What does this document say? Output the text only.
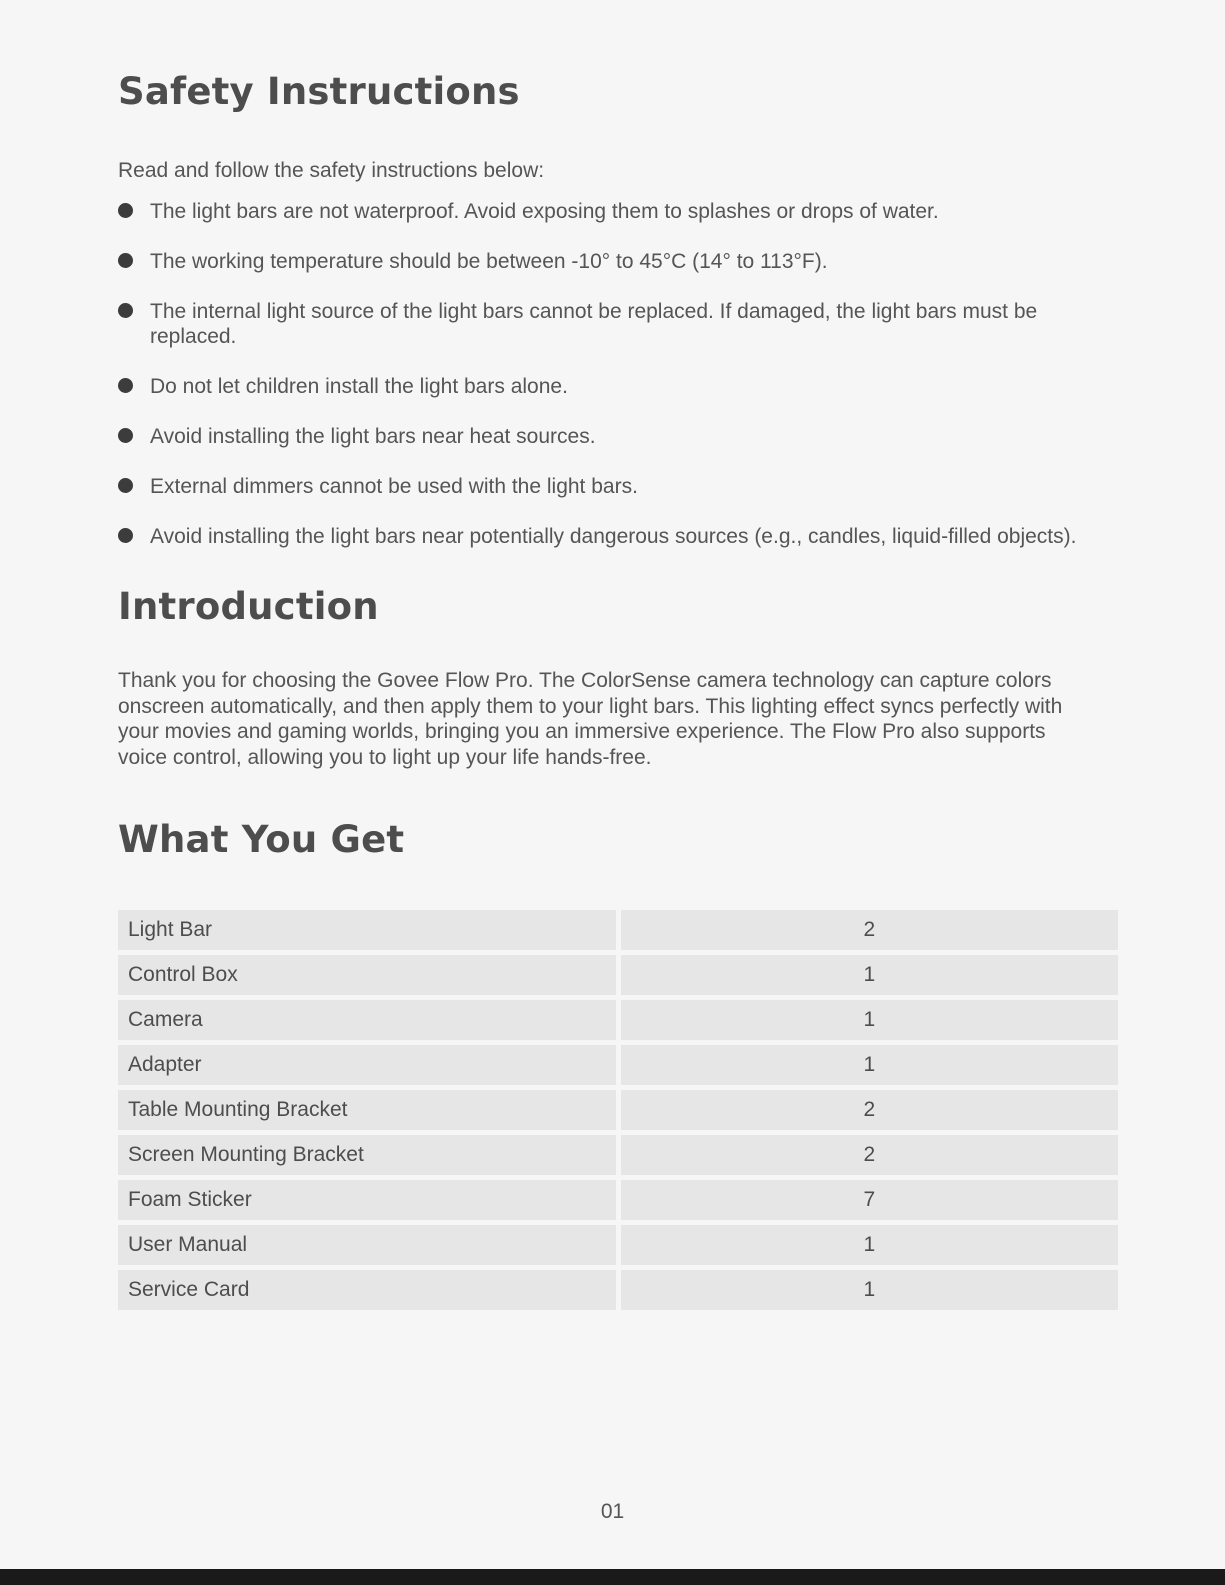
Safety Instructions

Read and follow the safety instructions below:

The light bars are not waterproof. Avoid exposing them to splashes or drops of water.
The working temperature should be between -10° to 45°C (14° to 113°F).
The internal light source of the light bars cannot be replaced. If damaged, the light bars must be replaced.
Do not let children install the light bars alone.
Avoid installing the light bars near heat sources.
External dimmers cannot be used with the light bars.
Avoid installing the light bars near potentially dangerous sources (e.g., candles, liquid-filled objects).
Introduction

Thank you for choosing the Govee Flow Pro. The ColorSense camera technology can capture colors onscreen automatically, and then apply them to your light bars. This lighting effect syncs perfectly with your movies and gaming worlds, bringing you an immersive experience. The Flow Pro also supports voice control, allowing you to light up your life hands-free.

What You Get
Light Bar	2
Control Box	1
Camera	1
Adapter	1
Table Mounting Bracket	2
Screen Mounting Bracket	2
Foam Sticker	7
User Manual	1
Service Card	1
01
